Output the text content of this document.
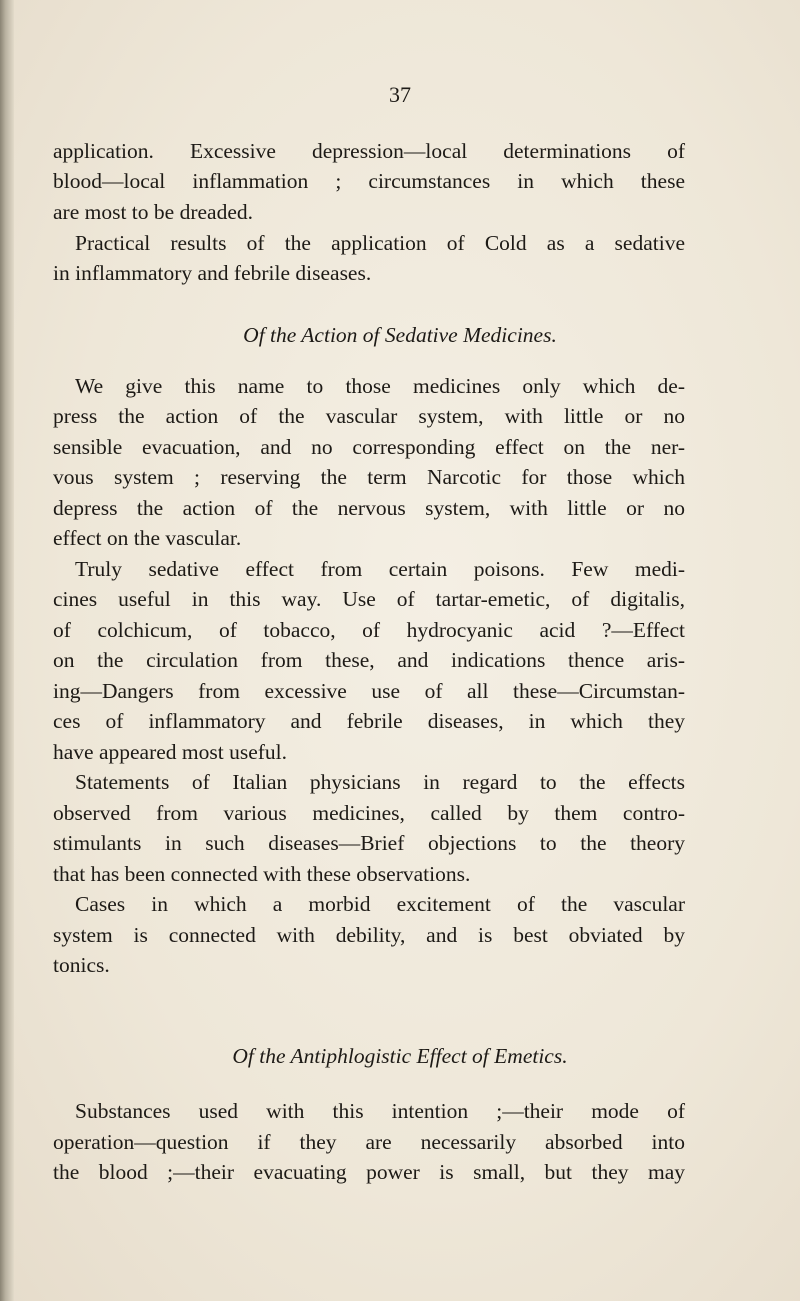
37
application. Excessive depression—local determinations of
blood—local inflammation ; circumstances in which these
are most to be dreaded.
Practical results of the application of Cold as a sedative
in inflammatory and febrile diseases.
Of the Action of Sedative Medicines.
We give this name to those medicines only which de-
press the action of the vascular system, with little or no
sensible evacuation, and no corresponding effect on the ner-
vous system ; reserving the term Narcotic for those which
depress the action of the nervous system, with little or no
effect on the vascular.
Truly sedative effect from certain poisons. Few medi-
cines useful in this way. Use of tartar-emetic, of digitalis,
of colchicum, of tobacco, of hydrocyanic acid ?—Effect
on the circulation from these, and indications thence aris-
ing—Dangers from excessive use of all these—Circumstan-
ces of inflammatory and febrile diseases, in which they
have appeared most useful.
Statements of Italian physicians in regard to the effects
observed from various medicines, called by them contro-
stimulants in such diseases—Brief objections to the theory
that has been connected with these observations.
Cases in which a morbid excitement of the vascular
system is connected with debility, and is best obviated by
tonics.
Of the Antiphlogistic Effect of Emetics.
Substances used with this intention ;—their mode of
operation—question if they are necessarily absorbed into
the blood ;—their evacuating power is small, but they may
